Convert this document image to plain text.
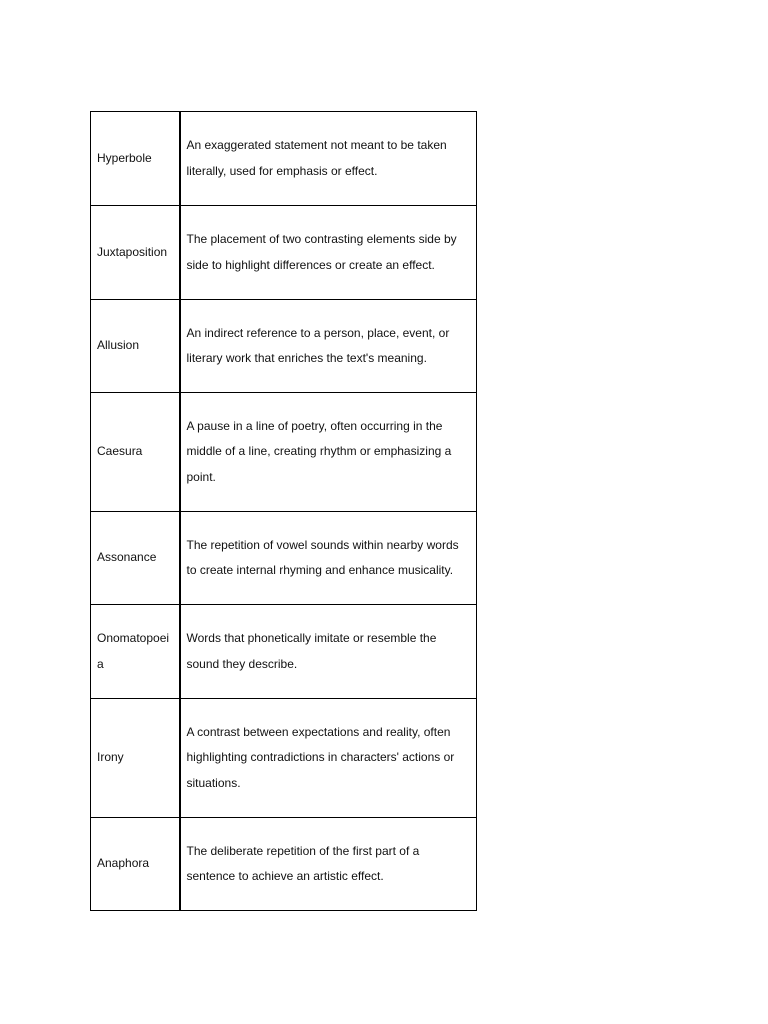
Hyperbole	An exaggerated statement not meant to be taken literally, used for emphasis or effect.
Juxtaposition	The placement of two contrasting elements side by side to highlight differences or create an effect.
Allusion	An indirect reference to a person, place, event, or literary work that enriches the text's meaning.
Caesura	A pause in a line of poetry, often occurring in the middle of a line, creating rhythm or emphasizing a point.
Assonance	The repetition of vowel sounds within nearby words to create internal rhyming and enhance musicality.
Onomatopoeia	Words that phonetically imitate or resemble the sound they describe.
Irony	A contrast between expectations and reality, often highlighting contradictions in characters' actions or situations.
Anaphora	The deliberate repetition of the first part of a sentence to achieve an artistic effect.
